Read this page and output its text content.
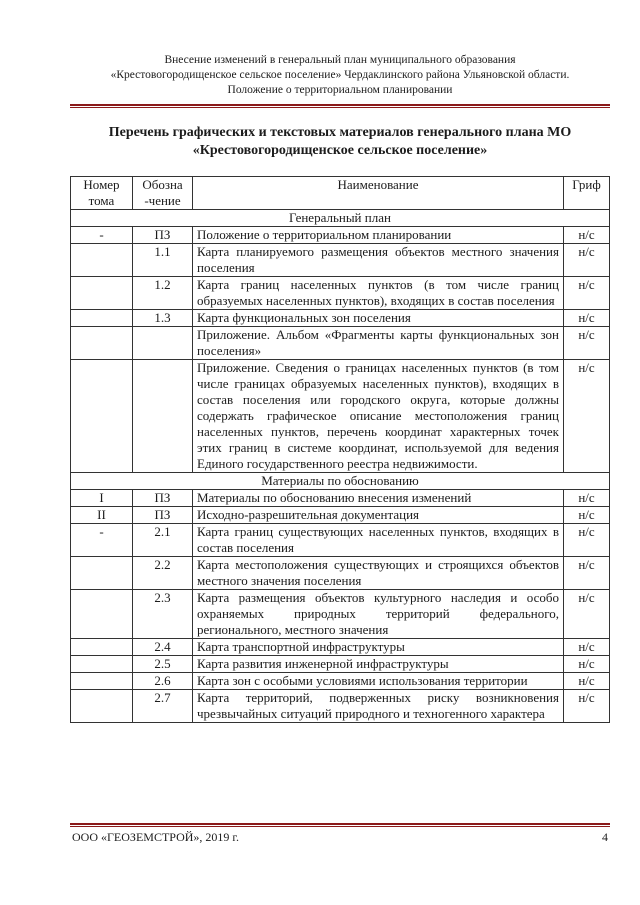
Внесение изменений в генеральный план муниципального образования
«Крестовогородищенское сельское поселение» Чердаклинского района Ульяновской области.
Положение о территориальном планировании
Перечень графических и текстовых материалов генерального плана МО
«Крестовогородищенское сельское поселение»
Номер тома	Обозна -чение	Наименование	Гриф
Генеральный план			
-	ПЗ	Положение о территориальном планировании	н/с
	1.1	Карта планируемого размещения объектов местного значения поселения	н/с
	1.2	Карта границ населенных пунктов (в том числе границ образуемых населенных пунктов), входящих в состав поселения	н/с
	1.3	Карта функциональных зон поселения	н/с
		Приложение. Альбом «Фрагменты карты функциональных зон поселения»	н/с
		Приложение. Сведения о границах населенных пунктов (в том числе границах образуемых населенных пунктов), входящих в состав поселения или городского округа, которые должны содержать графическое описание местоположения границ населенных пунктов, перечень координат характерных точек этих границ в системе координат, используемой для ведения Единого государственного реестра недвижимости.	н/с
Материалы по обоснованию			
I	ПЗ	Материалы по обоснованию внесения изменений	н/с
II	ПЗ	Исходно-разрешительная документация	н/с
-	2.1	Карта границ существующих населенных пунктов, входящих в состав поселения	н/с
	2.2	Карта местоположения существующих и строящихся объектов местного значения поселения	н/с
	2.3	Карта размещения объектов культурного наследия и особо охраняемых природных территорий федерального, регионального, местного значения	н/с
	2.4	Карта транспортной инфраструктуры	н/с
	2.5	Карта развития инженерной инфраструктуры	н/с
	2.6	Карта зон с особыми условиями использования территории	н/с
	2.7	Карта территорий, подверженных риску возникновения чрезвычайных ситуаций природного и техногенного характера	н/с
ООО «ГЕОЗЕМСТРОЙ», 2019 г.	4
